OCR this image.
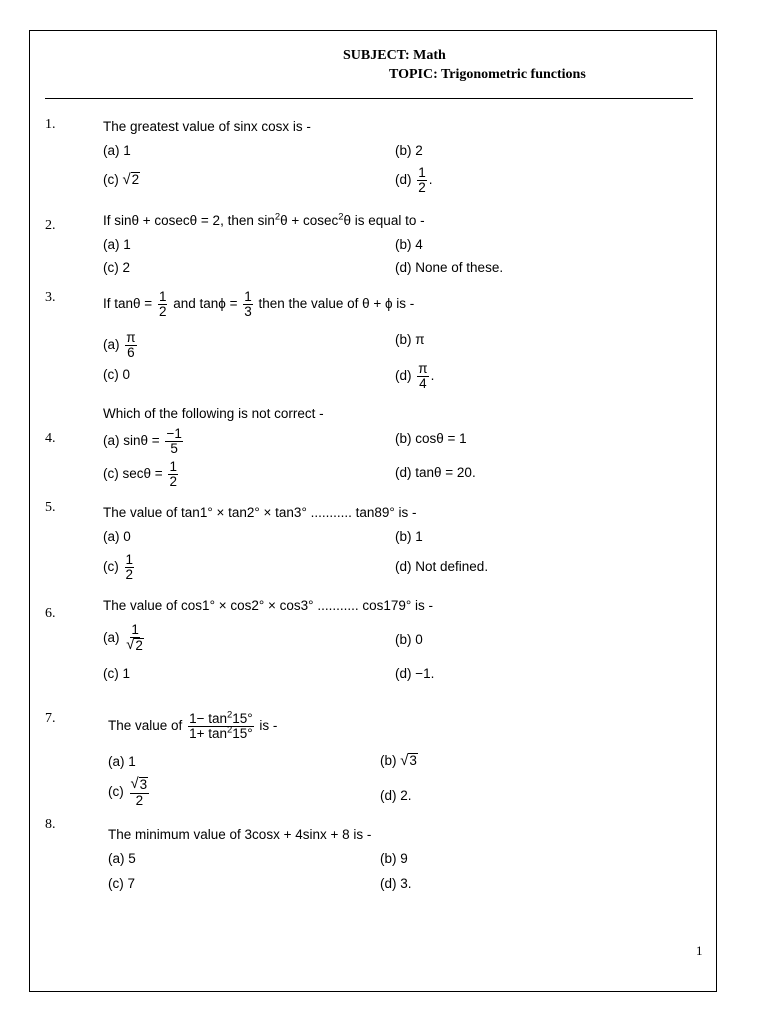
SUBJECT: Math
TOPIC: Trigonometric functions
1.	The greatest value of sinx cosx is -
(a) 1	(b) 2
(c) √ 2	$(d) \frac{1}{2}$ .
2.	If sinθ + cosecθ = 2, then $\sin^2\theta + cosec^2\theta$ is equal to -
(a) 1	(b) 4
(c) 2	(d) None of these.
3.	If $\tan\theta = \frac{1}{2}$ and $\tan\phi = \frac{1}{3}$ then the value of θ + ϕ is -
$(a) \frac{\pi}{6}$	(b) π
(c) 0	$(d) \frac{\pi}{4}$ .
Which of the following is not correct -
4.	(a) $\sin\theta = \frac{-1}{5}$	(b) cosθ = 1
(c) $\sec\theta = \frac{1}{2}$	(d) tanθ = 20.
5.	The value of tan1° × tan2° × tan3° ........... tan89° is -
(a) 0	(b) 1
$(c) \frac{1}{2}$	(d) Not defined.
The value of cos1° × cos2° × cos3° ........... cos179° is -
6.
$(a) \frac{1}{√ 2}$	(b) 0
(c) 1	(d) −1.
7.	The value of $\frac{1- \tan^215^\circ}{1+ \tan^215^\circ}$ is -
(a) 1	(b) √ 3
$(c) \frac{√ 3}{2}$	(d) 2.
8.
The minimum value of 3cosx + 4sinx + 8 is -
(a) 5	(b) 9
(c) 7	(d) 3.
1
